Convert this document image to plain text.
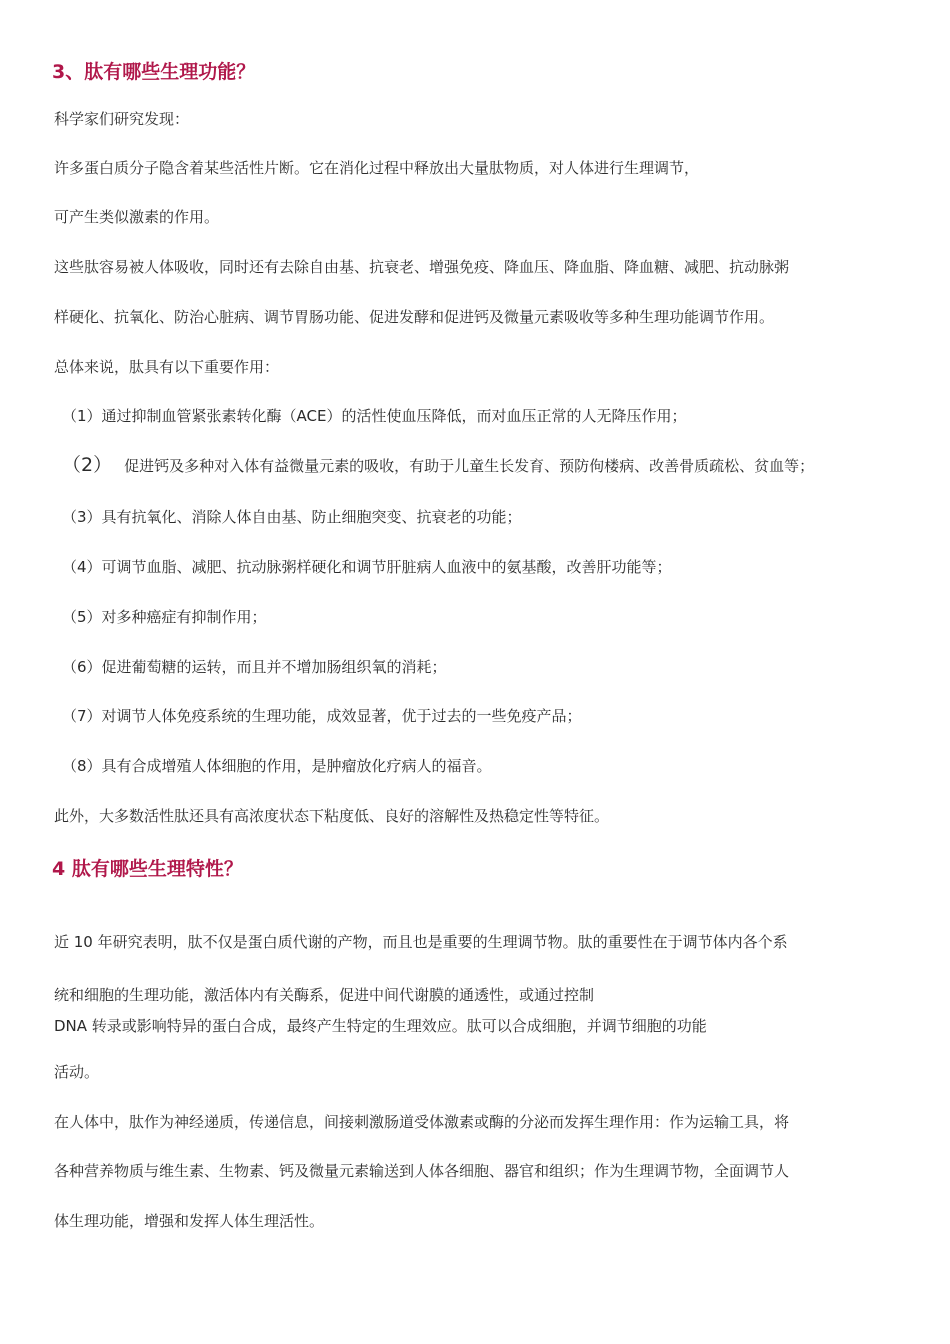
3、肽有哪些生理功能？
科学家们研究发现：
许多蛋白质分子隐含着某些活性片断。它在消化过程中释放出大量肽物质，对人体进行生理调节，
可产生类似激素的作用。
这些肽容易被人体吸收，同时还有去除自由基、抗衰老、增强免疫、降血压、降血脂、降血糖、减肥、抗动脉粥
样硬化、抗氧化、防治心脏病、调节胃肠功能、促进发酵和促进钙及微量元素吸收等多种生理功能调节作用。
总体来说，肽具有以下重要作用：
（1）通过抑制血管紧张素转化酶（ACE）的活性使血压降低，而对血压正常的人无降压作用；
（2） 促进钙及多种对入体有益微量元素的吸收，有助于儿童生长发育、预防佝楼病、改善骨质疏松、贫血等；
（3）具有抗氧化、消除人体自由基、防止细胞突变、抗衰老的功能；
（4）可调节血脂、减肥、抗动脉粥样硬化和调节肝脏病人血液中的氨基酸，改善肝功能等；
（5）对多种癌症有抑制作用；
（6）促进葡萄糖的运转，而且并不增加肠组织氧的消耗；
（7）对调节人体免疫系统的生理功能，成效显著，优于过去的一些免疫产品；
（8）具有合成增殖人体细胞的作用，是肿瘤放化疗病人的福音。
此外，大多数活性肽还具有高浓度状态下粘度低、良好的溶解性及热稳定性等特征。
4 肽有哪些生理特性？
近 10 年研究表明，肽不仅是蛋白质代谢的产物，而且也是重要的生理调节物。肽的重要性在于调节体内各个系
统和细胞的生理功能，激活体内有关酶系，促进中间代谢膜的通透性，或通过控制
DNA 转录或影响特异的蛋白合成，最终产生特定的生理效应。肽可以合成细胞，并调节细胞的功能
活动。
在人体中，肽作为神经递质，传递信息，间接刺激肠道受体激素或酶的分泌而发挥生理作用：作为运输工具，将
各种营养物质与维生素、生物素、钙及微量元素输送到人体各细胞、器官和组织；作为生理调节物，全面调节人
体生理功能，增强和发挥人体生理活性。
